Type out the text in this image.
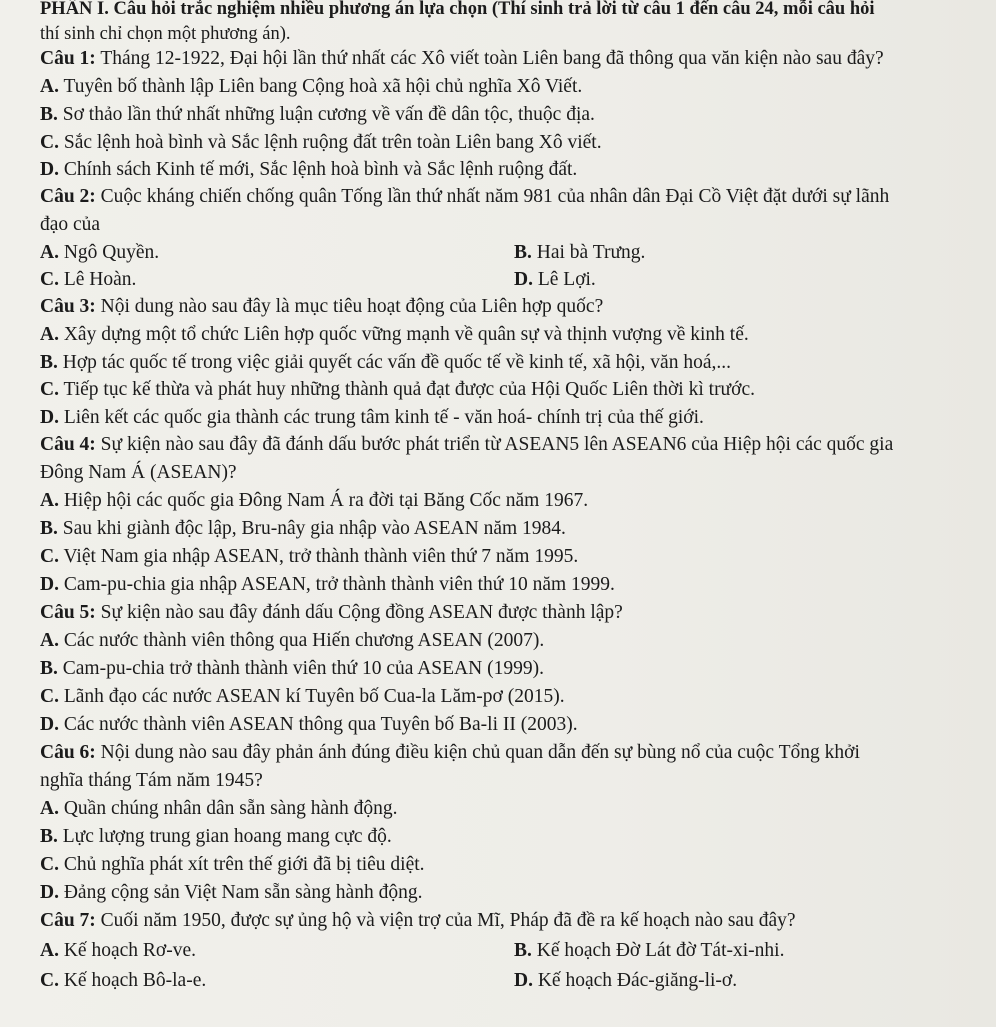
PHẦN I. Câu hỏi trắc nghiệm nhiều phương án lựa chọn (Thí sinh trả lời từ câu 1 đến câu 24, mỗi câu hỏi
thí sinh chỉ chọn một phương án).
Câu 1: Tháng 12-1922, Đại hội lần thứ nhất các Xô viết toàn Liên bang đã thông qua văn kiện nào sau đây?
A. Tuyên bố thành lập Liên bang Cộng hoà xã hội chủ nghĩa Xô Viết.
B. Sơ thảo lần thứ nhất những luận cương về vấn đề dân tộc, thuộc địa.
C. Sắc lệnh hoà bình và Sắc lệnh ruộng đất trên toàn Liên bang Xô viết.
D. Chính sách Kinh tế mới, Sắc lệnh hoà bình và Sắc lệnh ruộng đất.
Câu 2: Cuộc kháng chiến chống quân Tống lần thứ nhất năm 981 của nhân dân Đại Cồ Việt đặt dưới sự lãnh
đạo của
A. Ngô Quyền.	B. Hai bà Trưng.
C. Lê Hoàn.	D. Lê Lợi.
Câu 3: Nội dung nào sau đây là mục tiêu hoạt động của Liên hợp quốc?
A. Xây dựng một tổ chức Liên hợp quốc vững mạnh về quân sự và thịnh vượng về kinh tế.
B. Hợp tác quốc tế trong việc giải quyết các vấn đề quốc tế về kinh tế, xã hội, văn hoá,...
C. Tiếp tục kế thừa và phát huy những thành quả đạt được của Hội Quốc Liên thời kì trước.
D. Liên kết các quốc gia thành các trung tâm kinh tế - văn hoá- chính trị của thế giới.
Câu 4: Sự kiện nào sau đây đã đánh dấu bước phát triển từ ASEAN5 lên ASEAN6 của Hiệp hội các quốc gia
Đông Nam Á (ASEAN)?
A. Hiệp hội các quốc gia Đông Nam Á ra đời tại Băng Cốc năm 1967.
B. Sau khi giành độc lập, Bru-nây gia nhập vào ASEAN năm 1984.
C. Việt Nam gia nhập ASEAN, trở thành thành viên thứ 7 năm 1995.
D. Cam-pu-chia gia nhập ASEAN, trở thành thành viên thứ 10 năm 1999.
Câu 5: Sự kiện nào sau đây đánh dấu Cộng đồng ASEAN được thành lập?
A. Các nước thành viên thông qua Hiến chương ASEAN (2007).
B. Cam-pu-chia trở thành thành viên thứ 10 của ASEAN (1999).
C. Lãnh đạo các nước ASEAN kí Tuyên bố Cua-la Lăm-pơ (2015).
D. Các nước thành viên ASEAN thông qua Tuyên bố Ba-li II (2003).
Câu 6: Nội dung nào sau đây phản ánh đúng điều kiện chủ quan dẫn đến sự bùng nổ của cuộc Tổng khởi
nghĩa tháng Tám năm 1945?
A. Quần chúng nhân dân sẵn sàng hành động.
B. Lực lượng trung gian hoang mang cực độ.
C. Chủ nghĩa phát xít trên thế giới đã bị tiêu diệt.
D. Đảng cộng sản Việt Nam sẵn sàng hành động.
Câu 7: Cuối năm 1950, được sự ủng hộ và viện trợ của Mĩ, Pháp đã đề ra kế hoạch nào sau đây?
A. Kế hoạch Rơ-ve.	B. Kế hoạch Đờ Lát đờ Tát-xi-nhi.
C. Kế hoạch Bô-la-e.	D. Kế hoạch Đác-giăng-li-ơ.
